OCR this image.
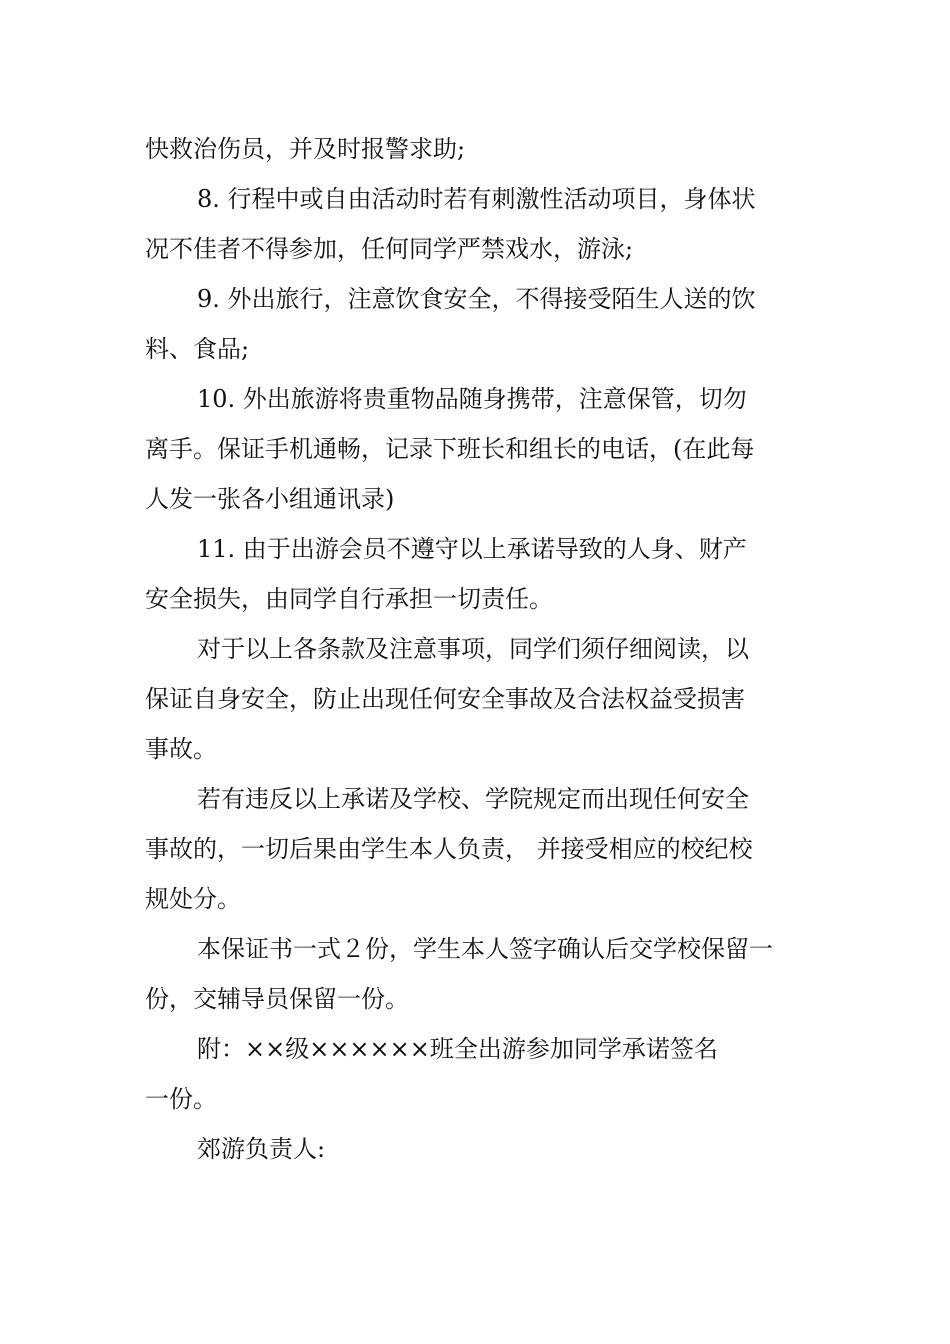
快救治伤员，并及时报警求助;
8. 行程中或自由活动时若有刺激性活动项目，身体状
况不佳者不得参加，任何同学严禁戏水，游泳;
9. 外出旅行，注意饮食安全，不得接受陌生人送的饮
料、食品;
10. 外出旅游将贵重物品随身携带，注意保管，切勿
离手。保证手机通畅，记录下班长和组长的电话，(在此每
人发一张各小组通讯录)
11. 由于出游会员不遵守以上承诺导致的人身、财产
安全损失，由同学自行承担一切责任。
对于以上各条款及注意事项，同学们须仔细阅读，以
保证自身安全，防止出现任何安全事故及合法权益受损害
事故。
若有违反以上承诺及学校、学院规定而出现任何安全
事故的，一切后果由学生本人负责， 并接受相应的校纪校
规处分。
本保证书一式２份，学生本人签字确认后交学校保留一
份，交辅导员保留一份。
附：××级××××××班全出游参加同学承诺签名
一份。
郊游负责人:
